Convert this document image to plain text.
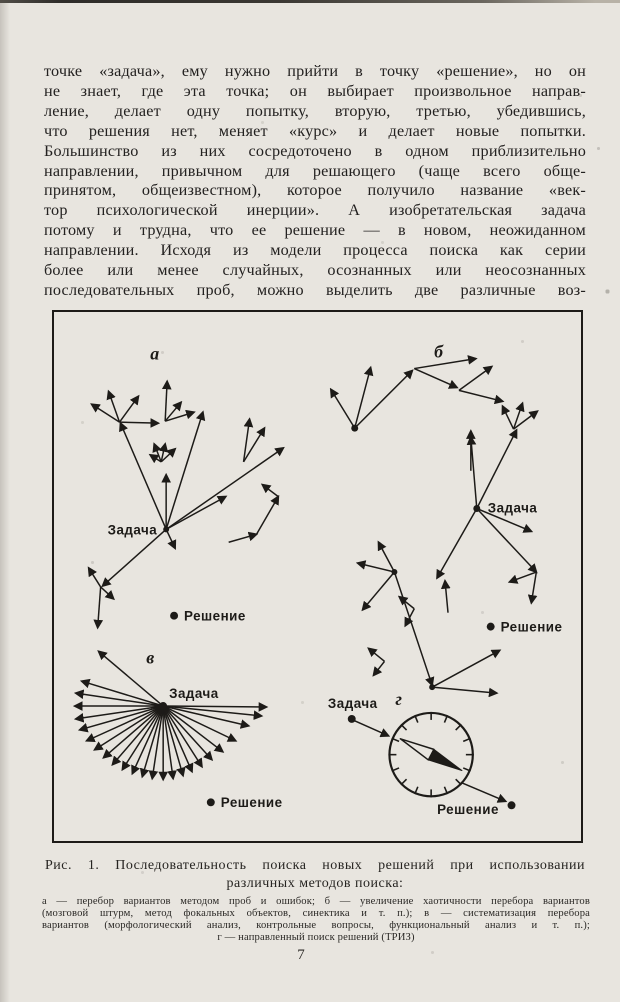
точке «задача», ему нужно прийти в точку «решение», но он
не знает, где эта точка; он выбирает произвольное направ-
ление, делает одну попытку, вторую, третью, убедившись,
что решения нет, меняет «курс» и делает новые попытки.
Большинство из них сосредоточено в одном приблизительно
направлении, привычном для решающего (чаще всего обще-
принятом, общеизвестном), которое получило название «век-
тор психологической инерции». А изобретательская задача
потому и трудна, что ее решение — в новом, неожиданном
направлении. Исходя из модели процесса поиска как серии
более или менее случайных, осознанных или неосознанных
последовательных проб, можно выделить две различные воз-
Задача
Решение
а
Задача
Решение
б
Задача
Решение
в
Задача
Решение
г
Рис. 1. Последовательность поиска новых решений при использовании
различных методов поиска:
а — перебор вариантов методом проб и ошибок; б — увеличение хаотичности перебора вариантов
(мозговой штурм, метод фокальных объектов, синектика и т. п.); в — систематизация перебора
вариантов (морфологический анализ, контрольные вопросы, функциональный анализ и т. п.);
г — направленный поиск решений (ТРИЗ)
7
